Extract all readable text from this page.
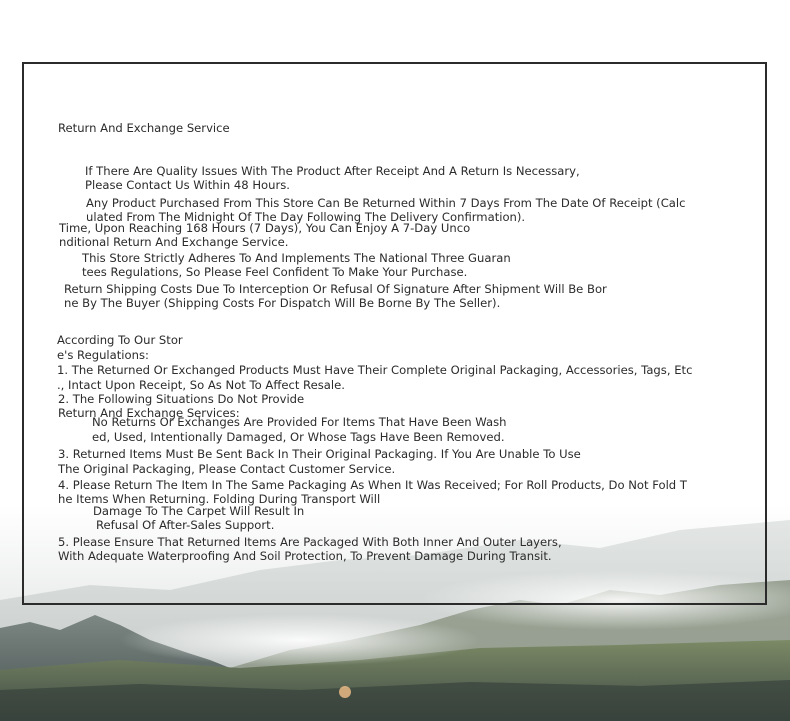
Return And Exchange Service
If There Are Quality Issues With The Product After Receipt And A Return Is Necessary,
Please Contact Us Within 48 Hours.
Any Product Purchased From This Store Can Be Returned Within 7 Days From The Date Of Receipt (Calc
ulated From The Midnight Of The Day Following The Delivery Confirmation).
Time, Upon Reaching 168 Hours (7 Days), You Can Enjoy A 7-Day Unco
nditional Return And Exchange Service.
This Store Strictly Adheres To And Implements The National Three Guaran
tees Regulations, So Please Feel Confident To Make Your Purchase.
Return Shipping Costs Due To Interception Or Refusal Of Signature After Shipment Will Be Bor
ne By The Buyer (Shipping Costs For Dispatch Will Be Borne By The Seller).
According To Our Stor
e's Regulations:
1. The Returned Or Exchanged Products Must Have Their Complete Original Packaging, Accessories, Tags, Etc
., Intact Upon Receipt, So As Not To Affect Resale.
2. The Following Situations Do Not Provide
Return And Exchange Services:
No Returns Or Exchanges Are Provided For Items That Have Been Wash
ed, Used, Intentionally Damaged, Or Whose Tags Have Been Removed.
3. Returned Items Must Be Sent Back In Their Original Packaging. If You Are Unable To Use
The Original Packaging, Please Contact Customer Service.
4. Please Return The Item In The Same Packaging As When It Was Received; For Roll Products, Do Not Fold T
he Items When Returning. Folding During Transport Will
Damage To The Carpet Will Result In
Refusal Of After-Sales Support.
5. Please Ensure That Returned Items Are Packaged With Both Inner And Outer Layers,
With Adequate Waterproofing And Soil Protection, To Prevent Damage During Transit.
